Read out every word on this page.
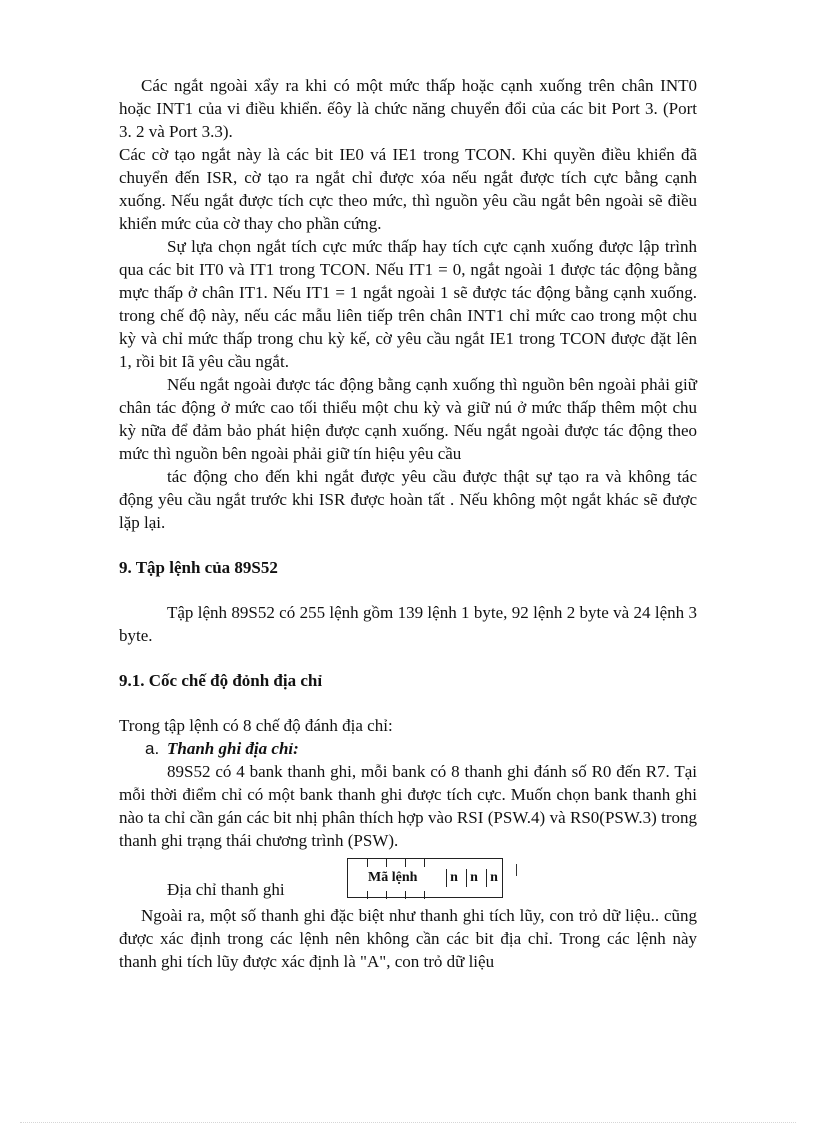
Các ngắt ngoài xẩy ra khi có một mức thấp hoặc cạnh xuống trên chân INT0 hoặc INT1 của vi điều khiển. ếôy là chức năng chuyển đổi của các bit Port 3. (Port 3. 2 và Port 3.3).

Các cờ tạo ngắt này là các bit IE0 vá IE1 trong TCON. Khi quyền điều khiển đã chuyển đến ISR, cờ tạo ra ngắt chỉ được xóa nếu ngắt được tích cực bằng cạnh xuống. Nếu ngắt được tích cực theo mức, thì nguồn yêu cầu ngắt bên ngoài sẽ điều khiển mức của cờ thay cho phần cứng.

Sự lựa chọn ngắt tích cực mức thấp hay tích cực cạnh xuống được lập trình qua các bit IT0 và IT1 trong TCON. Nếu IT1 = 0, ngắt ngoài 1 được tác động bằng mực thấp ở chân IT1. Nếu IT1 = 1 ngắt ngoài 1 sẽ được tác động bằng cạnh xuống. trong chế độ này, nếu các mẫu liên tiếp trên chân INT1 chỉ mức cao trong một chu kỳ và chỉ mức thấp trong chu kỳ kế, cờ yêu cầu ngắt IE1 trong TCON được đặt lên 1, rồi bit Iã yêu cầu ngắt.

Nếu ngắt ngoài được tác động bằng cạnh xuống thì nguồn bên ngoài phải giữ chân tác động ở mức cao tối thiểu một chu kỳ và giữ nú ở mức thấp thêm một chu kỳ nữa để đảm bảo phát hiện được cạnh xuống. Nếu ngắt ngoài được tác động theo mức thì nguồn bên ngoài phải giữ tín hiệu yêu cầu

tác động cho đến khi ngắt được yêu cầu được thật sự tạo ra và không tác động yêu cầu ngắt trước khi ISR được hoàn tất . Nếu không một ngắt khác sẽ được lặp lại.

9. Tập lệnh của 89S52

Tập lệnh 89S52 có 255 lệnh gồm 139 lệnh 1 byte, 92 lệnh 2 byte và 24 lệnh 3 byte.

9.1. Cốc chế độ đỏnh địa chỉ

Trong tập lệnh có 8 chế độ đánh địa chỉ:

a. Thanh ghi địa chỉ:

89S52 có 4 bank thanh ghi, mỗi bank có 8 thanh ghi đánh số R0 đến R7. Tại mỗi thời điểm chỉ có một bank thanh ghi được tích cực. Muốn chọn bank thanh ghi nào ta chỉ cần gán các bit nhị phân thích hợp vào RSI (PSW.4) và RS0(PSW.3) trong thanh ghi trạng thái chương trình (PSW).

Địa chỉ thanh ghi
Mã lệnh n n n

Ngoài ra, một số thanh ghi đặc biệt như thanh ghi tích lũy, con trỏ dữ liệu.. cũng được xác định trong các lệnh nên không cần các bit địa chỉ. Trong các lệnh này thanh ghi tích lũy được xác định là "A", con trỏ dữ liệu
